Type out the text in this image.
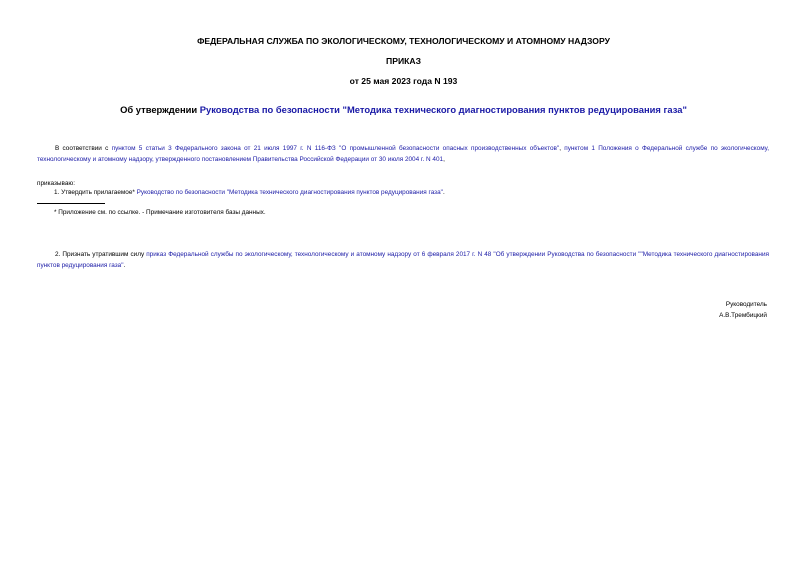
ФЕДЕРАЛЬНАЯ СЛУЖБА ПО ЭКОЛОГИЧЕСКОМУ, ТЕХНОЛОГИЧЕСКОМУ И АТОМНОМУ НАДЗОРУ
ПРИКАЗ
от 25 мая 2023 года N 193
Об утверждении Руководства по безопасности "Методика технического диагностирования пунктов редуцирования газа"
В соответствии с пунктом 5 статьи 3 Федерального закона от 21 июля 1997 г. N 116-ФЗ "О промышленной безопасности опасных производственных объектов", пунктом 1 Положения о Федеральной службе по экологическому, технологическому и атомному надзору, утвержденного постановлением Правительства Российской Федерации от 30 июля 2004 г. N 401,
приказываю:
1. Утвердить прилагаемое* Руководство по безопасности "Методика технического диагностирования пунктов редуцирования газа".
* Приложение см. по ссылке. - Примечание изготовителя базы данных.
2. Признать утратившим силу приказ Федеральной службы по экологическому, технологическому и атомному надзору от 6 февраля 2017 г. N 48 "Об утверждении Руководства по безопасности ""Методика технического диагностирования пунктов редуцирования газа".
Руководитель
А.В.Трембицкий
